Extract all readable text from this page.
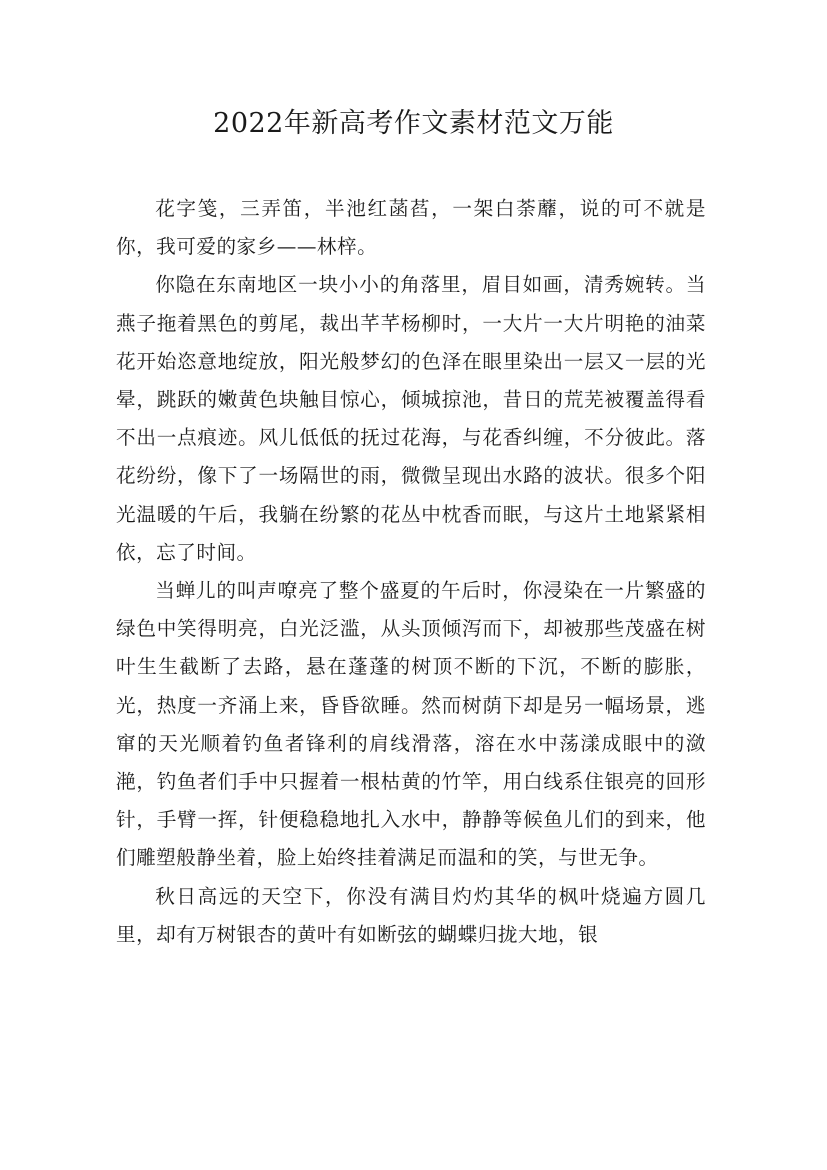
2022年新高考作文素材范文万能

花字笺，三弄笛，半池红菡萏，一架白荼蘼，说的可不就是你，我可爱的家乡——林梓。

你隐在东南地区一块小小的角落里，眉目如画，清秀婉转。当燕子拖着黑色的剪尾，裁出芊芊杨柳时，一大片一大片明艳的油菜花开始恣意地绽放，阳光般梦幻的色泽在眼里染出一层又一层的光晕，跳跃的嫩黄色块触目惊心，倾城掠池，昔日的荒芜被覆盖得看不出一点痕迹。风儿低低的抚过花海，与花香纠缠，不分彼此。落花纷纷，像下了一场隔世的雨，微微呈现出水路的波状。很多个阳光温暖的午后，我躺在纷繁的花丛中枕香而眠，与这片土地紧紧相依，忘了时间。

当蝉儿的叫声嘹亮了整个盛夏的午后时，你浸染在一片繁盛的绿色中笑得明亮，白光泛滥，从头顶倾泻而下，却被那些茂盛在树叶生生截断了去路，悬在蓬蓬的树顶不断的下沉，不断的膨胀，光，热度一齐涌上来，昏昏欲睡。然而树荫下却是另一幅场景，逃窜的天光顺着钓鱼者锋利的肩线滑落，溶在水中荡漾成眼中的潋滟，钓鱼者们手中只握着一根枯黄的竹竿，用白线系住银亮的回形针，手臂一挥，针便稳稳地扎入水中，静静等候鱼儿们的到来，他们雕塑般静坐着，脸上始终挂着满足而温和的笑，与世无争。

秋日高远的天空下，你没有满目灼灼其华的枫叶烧遍方圆几里，却有万树银杏的黄叶有如断弦的蝴蝶归拢大地，银
